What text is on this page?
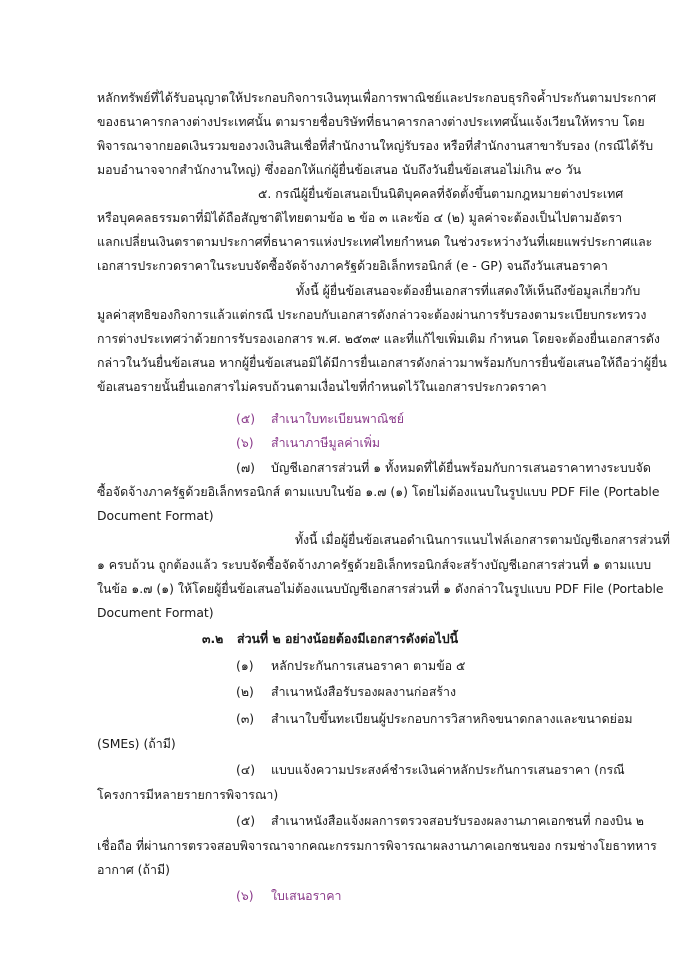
หลักทรัพย์ที่ได้รับอนุญาตให้ประกอบกิจการเงินทุนเพื่อการพาณิชย์และประกอบธุรกิจค้ำประกันตามประกาศ
ของธนาคารกลางต่างประเทศนั้น ตามรายชื่อบริษัทที่ธนาคารกลางต่างประเทศนั้นแจ้งเวียนให้ทราบ โดย
พิจารณาจากยอดเงินรวมของวงเงินสินเชื่อที่สำนักงานใหญ่รับรอง หรือที่สำนักงานสาขารับรอง (กรณีได้รับ
มอบอำนาจจากสำนักงานใหญ่) ซึ่งออกให้แก่ผู้ยื่นข้อเสนอ นับถึงวันยื่นข้อเสนอไม่เกิน ๙๐ วัน
๕. กรณีผู้ยื่นข้อเสนอเป็นนิติบุคคลที่จัดตั้งขึ้นตามกฎหมายต่างประเทศ
หรือบุคคลธรรมดาที่มิได้ถือสัญชาติไทยตามข้อ ๒ ข้อ ๓ และข้อ ๔ (๒) มูลค่าจะต้องเป็นไปตามอัตรา
แลกเปลี่ยนเงินตราตามประกาศที่ธนาคารแห่งประเทศไทยกำหนด ในช่วงระหว่างวันที่เผยแพร่ประกาศและ
เอกสารประกวดราคาในระบบจัดซื้อจัดจ้างภาครัฐด้วยอิเล็กทรอนิกส์ (e - GP) จนถึงวันเสนอราคา
ทั้งนี้ ผู้ยื่นข้อเสนอจะต้องยื่นเอกสารที่แสดงให้เห็นถึงข้อมูลเกี่ยวกับ
มูลค่าสุทธิของกิจการแล้วแต่กรณี ประกอบกับเอกสารดังกล่าวจะต้องผ่านการรับรองตามระเบียบกระทรวง
การต่างประเทศว่าด้วยการรับรองเอกสาร พ.ศ. ๒๕๓๙ และที่แก้ไขเพิ่มเติม กำหนด โดยจะต้องยื่นเอกสารดัง
กล่าวในวันยื่นข้อเสนอ หากผู้ยื่นข้อเสนอมิได้มีการยื่นเอกสารดังกล่าวมาพร้อมกับการยื่นข้อเสนอให้ถือว่าผู้ยื่น
ข้อเสนอรายนั้นยื่นเอกสารไม่ครบถ้วนตามเงื่อนไขที่กำหนดไว้ในเอกสารประกวดราคา
(๕) สำเนาใบทะเบียนพาณิชย์
(๖) สำเนาภาษีมูลค่าเพิ่ม
(๗) บัญชีเอกสารส่วนที่ ๑ ทั้งหมดที่ได้ยื่นพร้อมกับการเสนอราคาทางระบบจัด
ซื้อจัดจ้างภาครัฐด้วยอิเล็กทรอนิกส์ ตามแบบในข้อ ๑.๗ (๑) โดยไม่ต้องแนบในรูปแบบ PDF File (Portable
Document Format)
ทั้งนี้ เมื่อผู้ยื่นข้อเสนอดำเนินการแนบไฟล์เอกสารตามบัญชีเอกสารส่วนที่
๑ ครบถ้วน ถูกต้องแล้ว ระบบจัดซื้อจัดจ้างภาครัฐด้วยอิเล็กทรอนิกส์จะสร้างบัญชีเอกสารส่วนที่ ๑ ตามแบบ
ในข้อ ๑.๗ (๑) ให้โดยผู้ยื่นข้อเสนอไม่ต้องแนบบัญชีเอกสารส่วนที่ ๑ ดังกล่าวในรูปแบบ PDF File (Portable
Document Format)
๓.๒ ส่วนที่ ๒ อย่างน้อยต้องมีเอกสารดังต่อไปนี้
(๑) หลักประกันการเสนอราคา ตามข้อ ๕
(๒) สำเนาหนังสือรับรองผลงานก่อสร้าง
(๓) สำเนาใบขึ้นทะเบียนผู้ประกอบการวิสาหกิจขนาดกลางและขนาดย่อม
(SMEs) (ถ้ามี)
(๔) แบบแจ้งความประสงค์ชำระเงินค่าหลักประกันการเสนอราคา (กรณี
โครงการมีหลายรายการพิจารณา)
(๕) สำเนาหนังสือแจ้งผลการตรวจสอบรับรองผลงานภาคเอกชนที่ กองบิน ๒
เชื่อถือ ที่ผ่านการตรวจสอบพิจารณาจากคณะกรรมการพิจารณาผลงานภาคเอกชนของ กรมช่างโยธาทหาร
อากาศ (ถ้ามี)
(๖) ใบเสนอราคา
